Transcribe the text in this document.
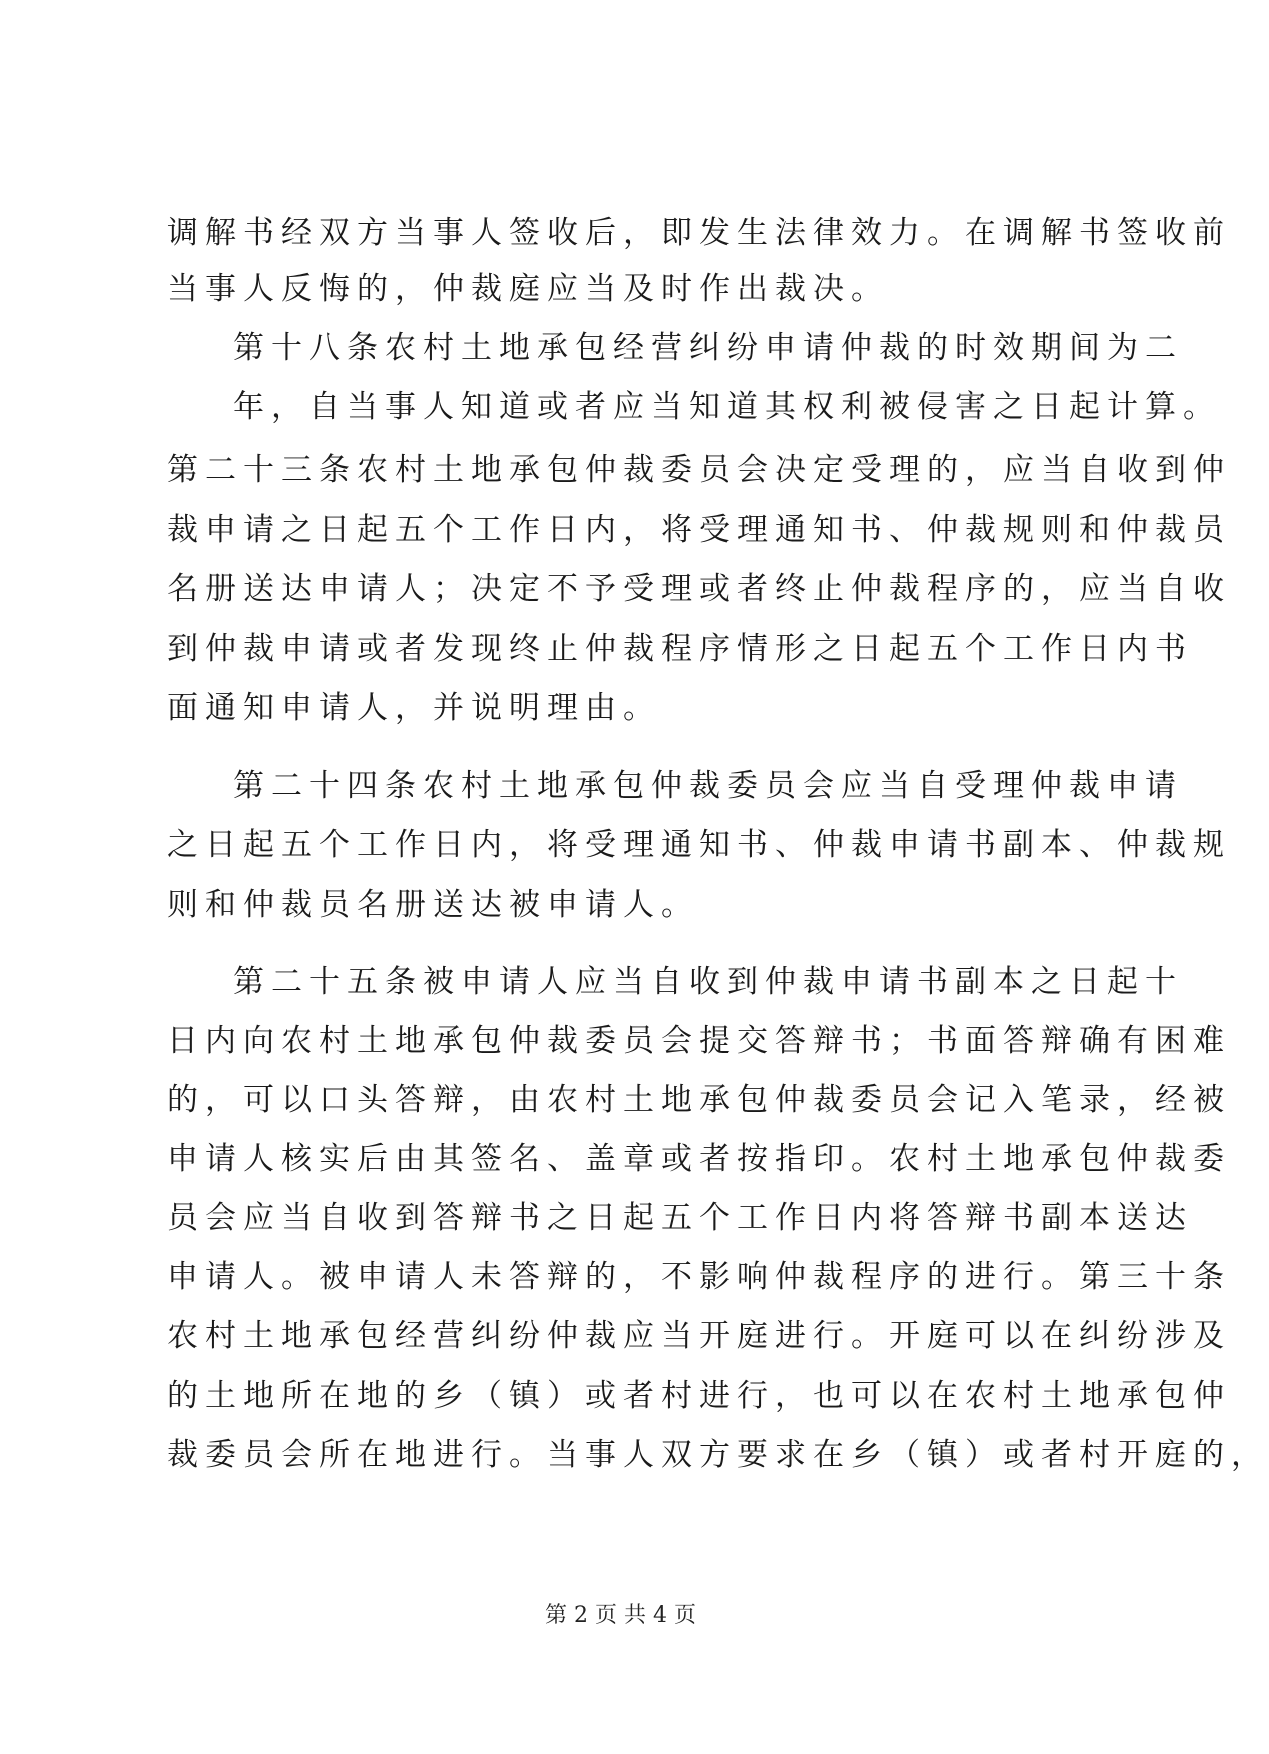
调解书经双方当事人签收后，即发生法律效力。在调解书签收前
当事人反悔的，仲裁庭应当及时作出裁决。
第十八条农村土地承包经营纠纷申请仲裁的时效期间为二
年，自当事人知道或者应当知道其权利被侵害之日起计算。
第二十三条农村土地承包仲裁委员会决定受理的，应当自收到仲
裁申请之日起五个工作日内，将受理通知书、仲裁规则和仲裁员
名册送达申请人；决定不予受理或者终止仲裁程序的，应当自收
到仲裁申请或者发现终止仲裁程序情形之日起五个工作日内书
面通知申请人，并说明理由。
第二十四条农村土地承包仲裁委员会应当自受理仲裁申请
之日起五个工作日内，将受理通知书、仲裁申请书副本、仲裁规
则和仲裁员名册送达被申请人。
第二十五条被申请人应当自收到仲裁申请书副本之日起十
日内向农村土地承包仲裁委员会提交答辩书；书面答辩确有困难
的，可以口头答辩，由农村土地承包仲裁委员会记入笔录，经被
申请人核实后由其签名、盖章或者按指印。农村土地承包仲裁委
员会应当自收到答辩书之日起五个工作日内将答辩书副本送达
申请人。被申请人未答辩的，不影响仲裁程序的进行。第三十条
农村土地承包经营纠纷仲裁应当开庭进行。开庭可以在纠纷涉及
的土地所在地的乡（镇）或者村进行，也可以在农村土地承包仲
裁委员会所在地进行。当事人双方要求在乡（镇）或者村开庭的，
第 2 页 共 4 页
